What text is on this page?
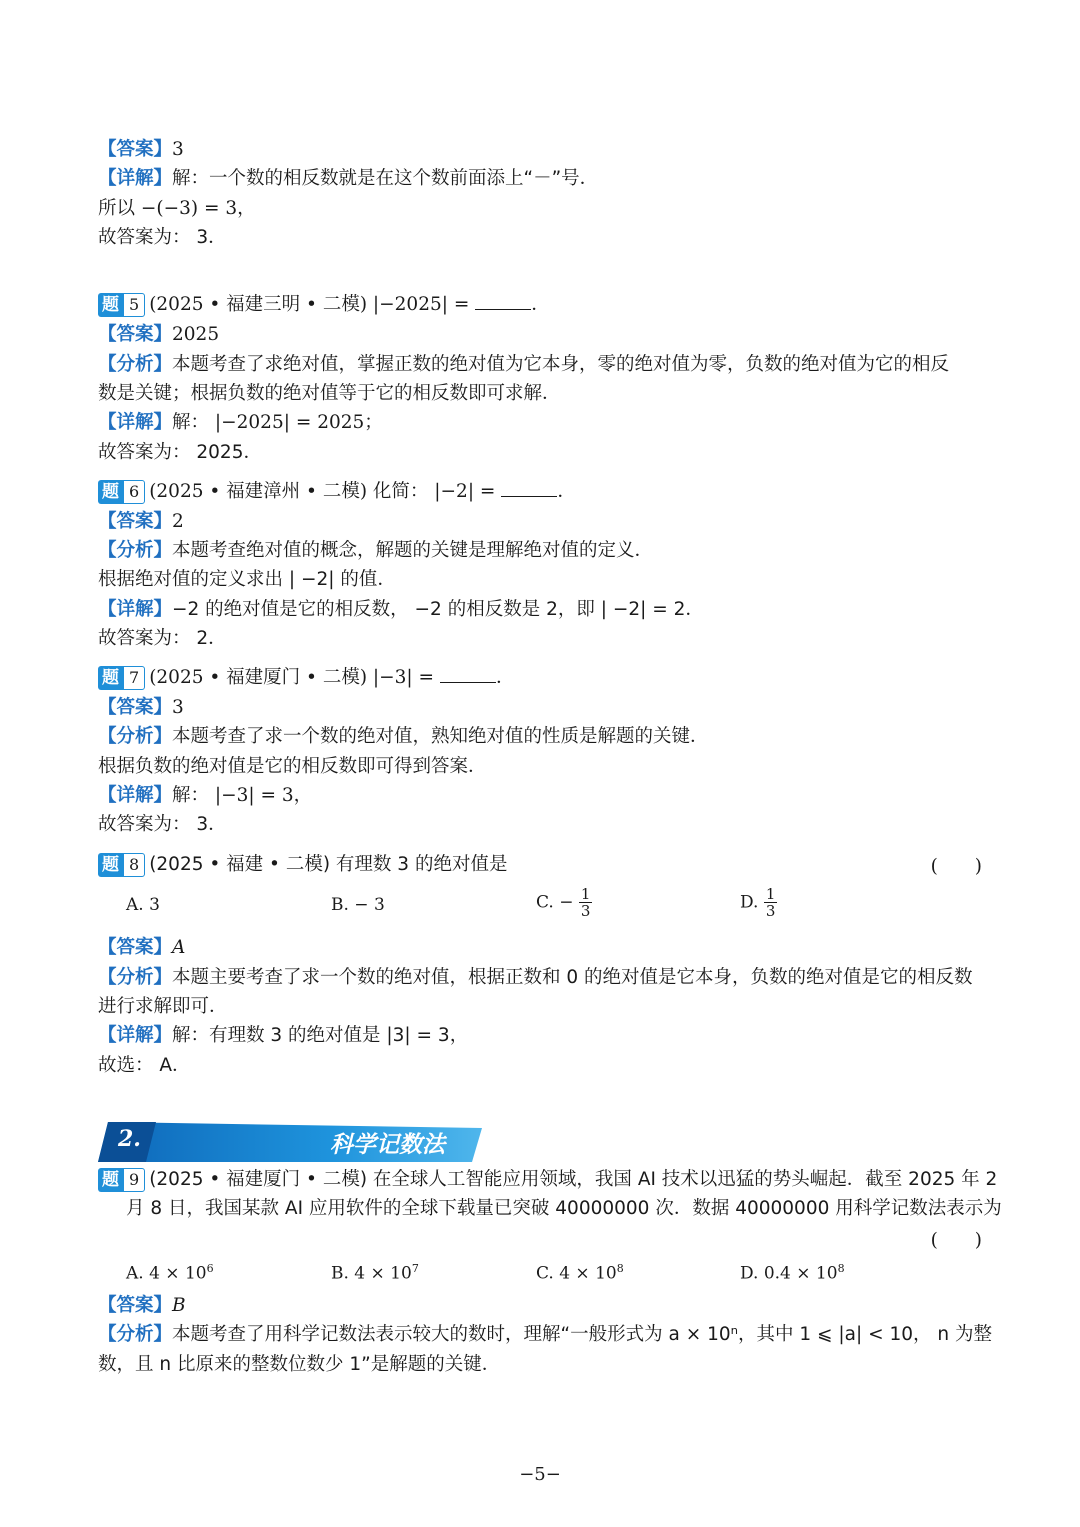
【答案】3
【详解】解：一个数的相反数就是在这个数前面添上“－”号．
所以 −(−3) = 3，
故答案为： 3．
题 5 (2025 • 福建三明 • 二模) |−2025| =	．
【答案】2025
【分析】本题考查了求绝对值，掌握正数的绝对值为它本身，零的绝对值为零，负数的绝对值为它的相反
数是关键；根据负数的绝对值等于它的相反数即可求解．
【详解】解： |−2025| = 2025；
故答案为： 2025．
题 6 (2025 • 福建漳州 • 二模) 化简： |−2| =	．
【答案】2
【分析】本题考查绝对值的概念，解题的关键是理解绝对值的定义．
根据绝对值的定义求出 | −2| 的值．
【详解】−2 的绝对值是它的相反数， −2 的相反数是 2，即 | −2| = 2．
故答案为： 2．
题 7 (2025 • 福建厦门 • 二模) |−3| =	．
【答案】3
【分析】本题考查了求一个数的绝对值，熟知绝对值的性质是解题的关键．
根据负数的绝对值是它的相反数即可得到答案．
【详解】解： |−3| = 3，
故答案为： 3．
题 8 (2025 • 福建 • 二模) 有理数 3 的绝对值是	(　　)
A. 3	B. − 3	C. − $\frac{1}{3}$	D. $\frac{1}{3}$
【答案】A
【分析】本题主要考查了求一个数的绝对值，根据正数和 0 的绝对值是它本身，负数的绝对值是它的相反数
进行求解即可．
【详解】解：有理数 3 的绝对值是 |3| = 3，
故选： A．
2.	科学记数法
题 9 (2025 • 福建厦门 • 二模) 在全球人工智能应用领域，我国 AI 技术以迅猛的势头崛起．截至 2025 年 2
月 8 日，我国某款 AI 应用软件的全球下载量已突破 40000000 次．数据 40000000 用科学记数法表示为
(　　)
A. $4 \times 10^6$	B. $4 \times 10^7$	C. $4 \times 10^8$	D. $0.4 \times 10^8$
【答案】B
【分析】本题考查了用科学记数法表示较大的数时，理解“一般形式为 a × 10ⁿ，其中 1 ⩽ |a| < 10， n 为整
数，且 n 比原来的整数位数少 1”是解题的关键．
−5−
